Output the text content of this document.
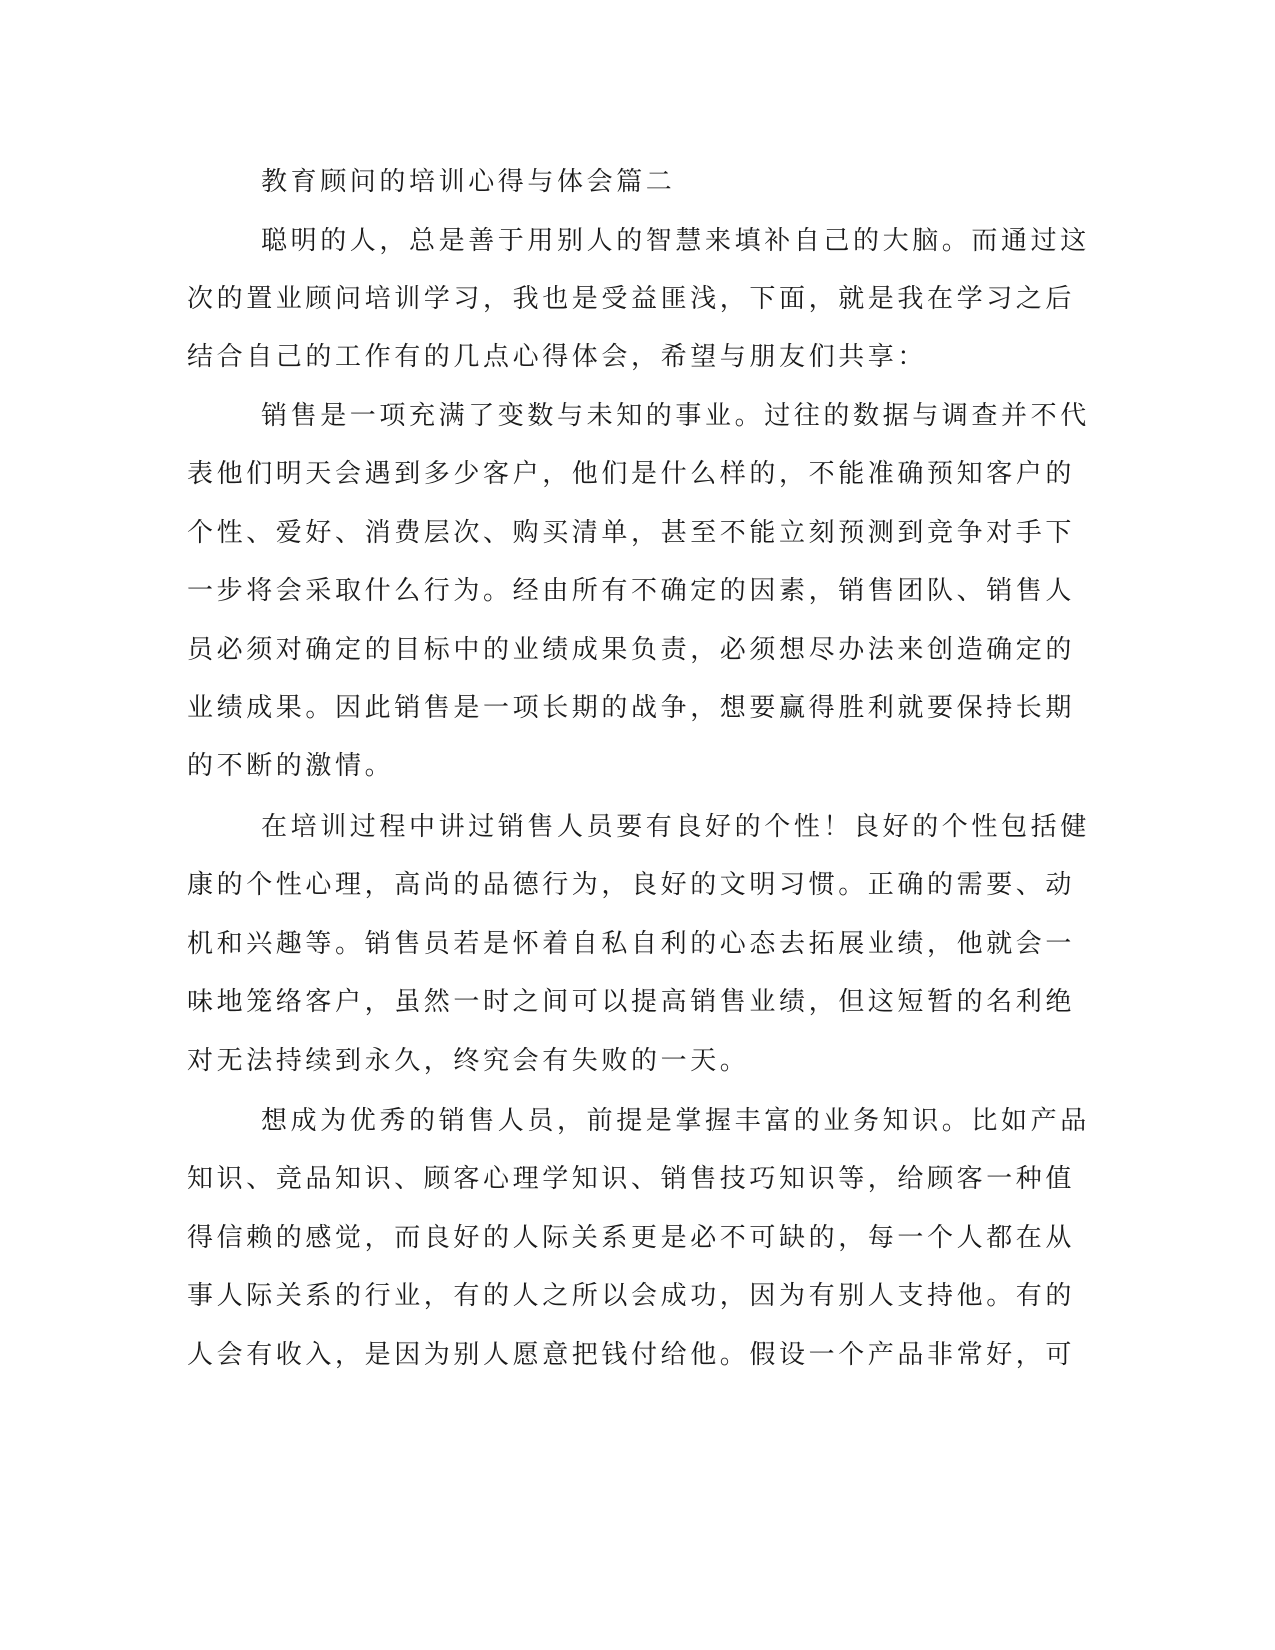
教育顾问的培训心得与体会篇二
聪明的人，总是善于用别人的智慧来填补自己的大脑。而通过这
次的置业顾问培训学习，我也是受益匪浅，下面，就是我在学习之后
结合自己的工作有的几点心得体会，希望与朋友们共享：
销售是一项充满了变数与未知的事业。过往的数据与调查并不代
表他们明天会遇到多少客户，他们是什么样的，不能准确预知客户的
个性、爱好、消费层次、购买清单，甚至不能立刻预测到竞争对手下
一步将会采取什么行为。经由所有不确定的因素，销售团队、销售人
员必须对确定的目标中的业绩成果负责，必须想尽办法来创造确定的
业绩成果。因此销售是一项长期的战争，想要赢得胜利就要保持长期
的不断的激情。
在培训过程中讲过销售人员要有良好的个性！良好的个性包括健
康的个性心理，高尚的品德行为，良好的文明习惯。正确的需要、动
机和兴趣等。销售员若是怀着自私自利的心态去拓展业绩，他就会一
味地笼络客户，虽然一时之间可以提高销售业绩，但这短暂的名利绝
对无法持续到永久，终究会有失败的一天。
想成为优秀的销售人员，前提是掌握丰富的业务知识。比如产品
知识、竞品知识、顾客心理学知识、销售技巧知识等，给顾客一种值
得信赖的感觉，而良好的人际关系更是必不可缺的，每一个人都在从
事人际关系的行业，有的人之所以会成功，因为有别人支持他。有的
人会有收入，是因为别人愿意把钱付给他。假设一个产品非常好，可
